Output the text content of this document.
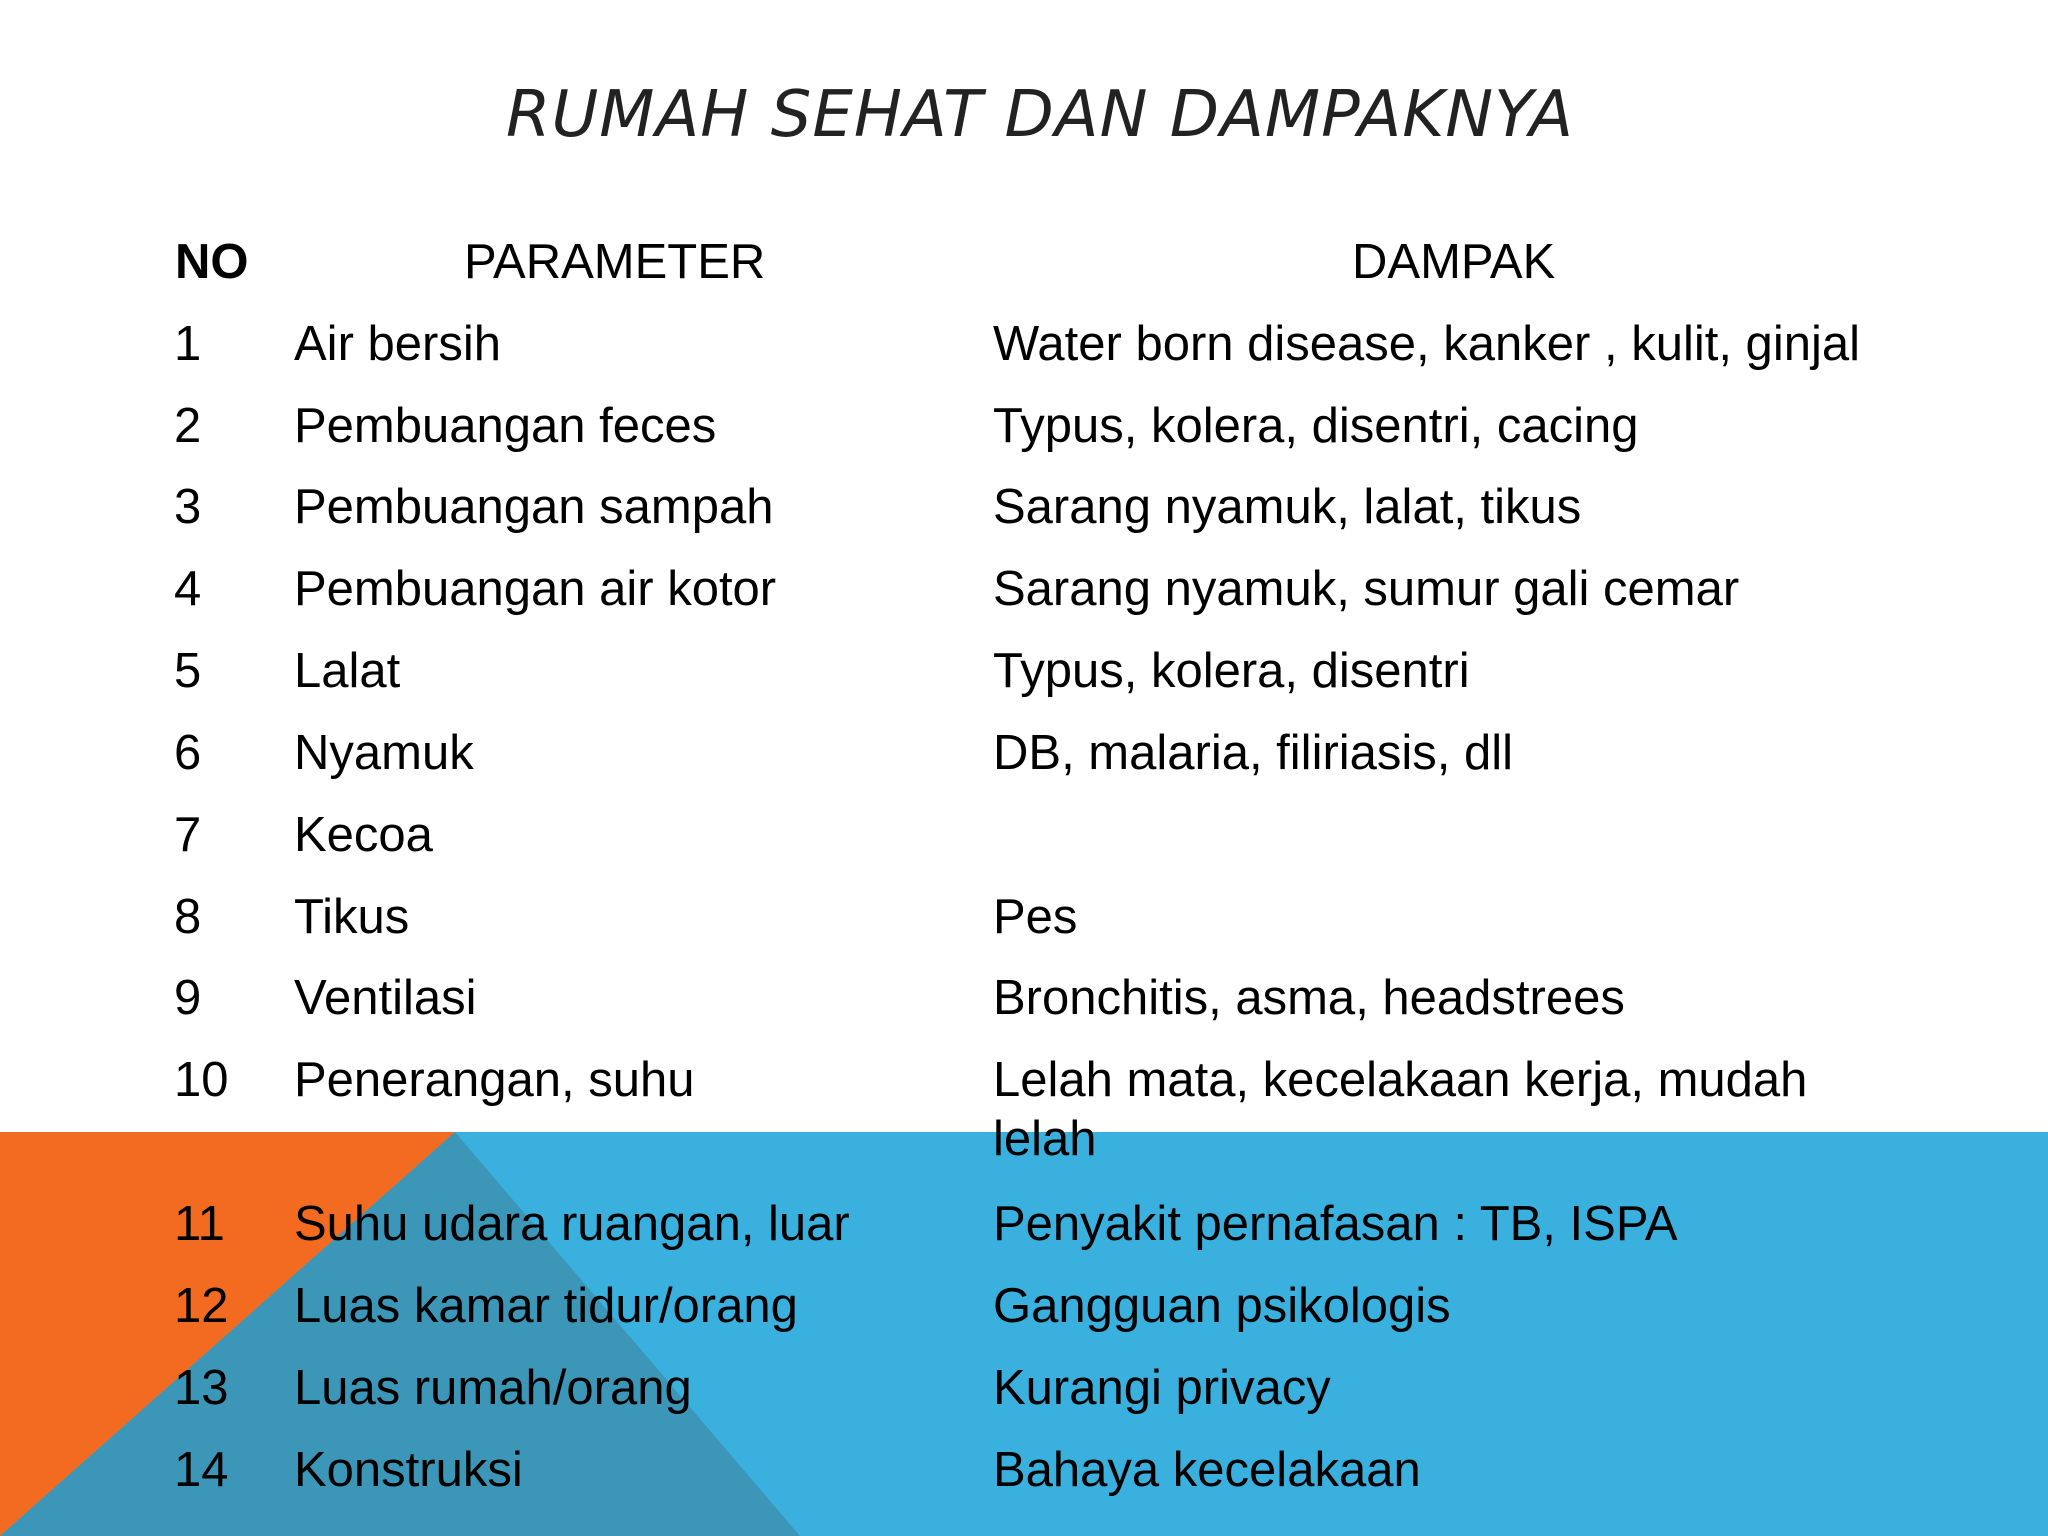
RUMAH SEHAT DAN DAMPAKNYA
NO	PARAMETER	DAMPAK
1 Air bersih	Water born disease, kanker , kulit, ginjal
2 Pembuangan feces	Typus, kolera, disentri, cacing
3 Pembuangan sampah	Sarang nyamuk, lalat, tikus
4 Pembuangan air kotor	Sarang nyamuk, sumur gali cemar
5 Lalat	Typus, kolera, disentri
6 Nyamuk	DB, malaria, filiriasis, dll
7 Kecoa
8 Tikus	Pes
9 Ventilasi	Bronchitis, asma, headstrees
10 Penerangan, suhu	Lelah mata, kecelakaan kerja, mudah
lelah
11 Suhu udara ruangan, luar	Penyakit pernafasan : TB, ISPA
12 Luas kamar tidur/orang	Gangguan psikologis
13 Luas rumah/orang	Kurangi privacy
14 Konstruksi	Bahaya kecelakaan
